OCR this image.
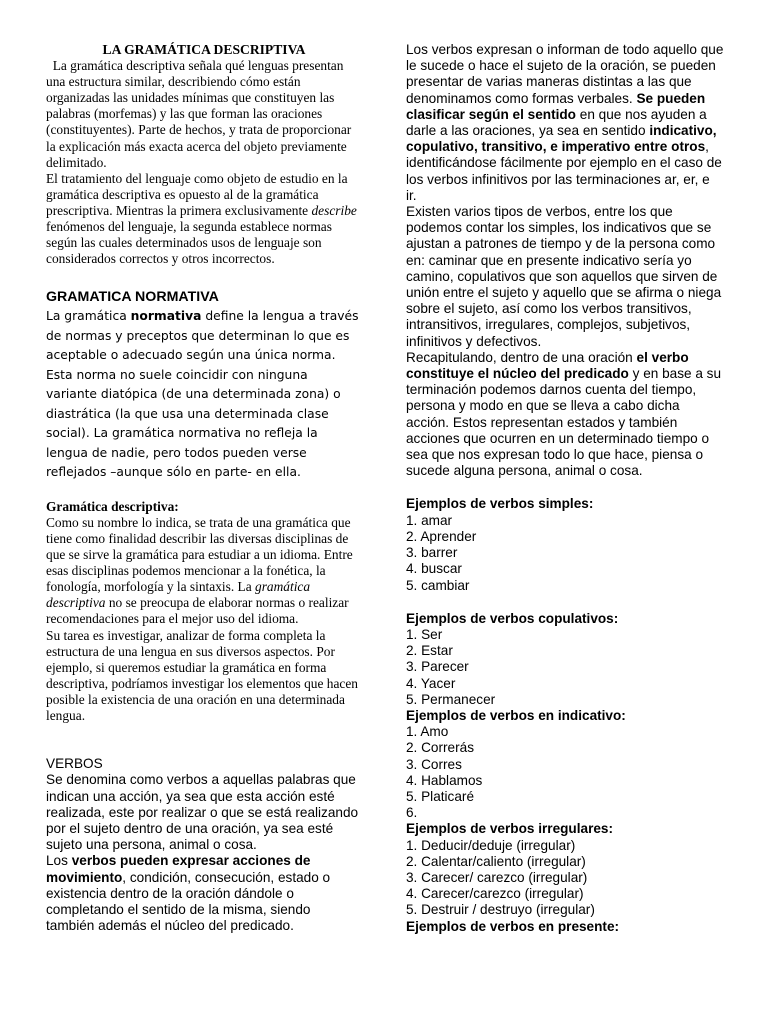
LA GRAMÁTICA DESCRIPTIVA

La gramática descriptiva señala qué lenguas presentan una estructura similar, describiendo cómo están organizadas las unidades mínimas que constituyen las palabras (morfemas) y las que forman las oraciones (constituyentes). Parte de hechos, y trata de proporcionar la explicación más exacta acerca del objeto previamente delimitado.

El tratamiento del lenguaje como objeto de estudio en la gramática descriptiva es opuesto al de la gramática prescriptiva. Mientras la primera exclusivamente describe fenómenos del lenguaje, la segunda establece normas según las cuales determinados usos de lenguaje son considerados correctos y otros incorrectos.

GRAMATICA NORMATIVA

La gramática normativa define la lengua a través de normas y preceptos que determinan lo que es aceptable o adecuado según una única norma. Esta norma no suele coincidir con ninguna variante diatópica (de una determinada zona) o diastrática (la que usa una determinada clase social). La gramática normativa no refleja la lengua de nadie, pero todos pueden verse reflejados –aunque sólo en parte- en ella.

Gramática descriptiva:

Como su nombre lo indica, se trata de una gramática que tiene como finalidad describir las diversas disciplinas de que se sirve la gramática para estudiar a un idioma. Entre esas disciplinas podemos mencionar a la fonética, la fonología, morfología y la sintaxis. La gramática descriptiva no se preocupa de elaborar normas o realizar recomendaciones para el mejor uso del idioma.

Su tarea es investigar, analizar de forma completa la estructura de una lengua en sus diversos aspectos. Por ejemplo, si queremos estudiar la gramática en forma descriptiva, podríamos investigar los elementos que hacen posible la existencia de una oración en una determinada lengua.

VERBOS

Se denomina como verbos a aquellas palabras que indican una acción, ya sea que esta acción esté realizada, este por realizar o que se está realizando por el sujeto dentro de una oración, ya sea esté sujeto una persona, animal o cosa.

Los verbos pueden expresar acciones de movimiento, condición, consecución, estado o existencia dentro de la oración dándole o completando el sentido de la misma, siendo también además el núcleo del predicado.

Los verbos expresan o informan de todo aquello que le sucede o hace el sujeto de la oración, se pueden presentar de varias maneras distintas a las que denominamos como formas verbales. Se pueden clasificar según el sentido en que nos ayuden a darle a las oraciones, ya sea en sentido indicativo, copulativo, transitivo, e imperativo entre otros, identificándose fácilmente por ejemplo en el caso de los verbos infinitivos por las terminaciones ar, er, e ir.

Existen varios tipos de verbos, entre los que podemos contar los simples, los indicativos que se ajustan a patrones de tiempo y de la persona como en: caminar que en presente indicativo sería yo camino, copulativos que son aquellos que sirven de unión entre el sujeto y aquello que se afirma o niega sobre el sujeto, así como los verbos transitivos, intransitivos, irregulares, complejos, subjetivos, infinitivos y defectivos.

Recapitulando, dentro de una oración el verbo constituye el núcleo del predicado y en base a su terminación podemos darnos cuenta del tiempo, persona y modo en que se lleva a cabo dicha acción. Estos representan estados y también acciones que ocurren en un determinado tiempo o sea que nos expresan todo lo que hace, piensa o sucede alguna persona, animal o cosa.

Ejemplos de verbos simples:

1. amar
2. Aprender
3. barrer
4. buscar
5. cambiar

Ejemplos de verbos copulativos:

1. Ser
2. Estar
3. Parecer
4. Yacer
5. Permanecer

Ejemplos de verbos en indicativo:

1. Amo
2. Correrás
3. Corres
4. Hablamos
5. Platicaré
6.

Ejemplos de verbos irregulares:

1. Deducir/deduje (irregular)
2. Calentar/caliento (irregular)
3. Carecer/ carezco (irregular)
4. Carecer/carezco (irregular)
5. Destruir / destruyo (irregular)

Ejemplos de verbos en presente:
